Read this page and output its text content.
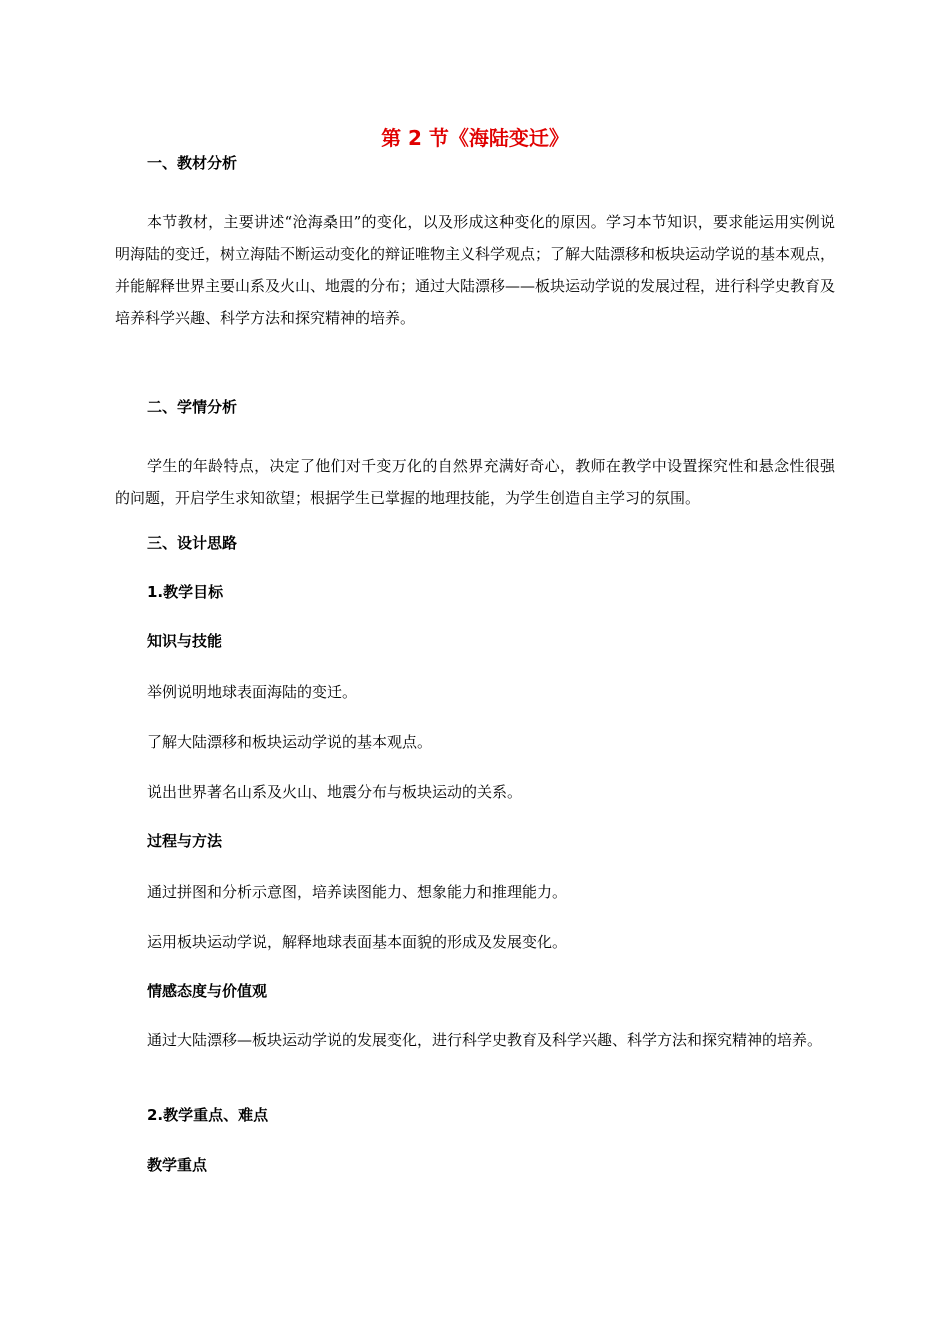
第 2 节《海陆变迁》
一、教材分析

本节教材，主要讲述“沧海桑田”的变化，以及形成这种变化的原因。学习本节知识，要求能运用实例说明海陆的变迁，树立海陆不断运动变化的辩证唯物主义科学观点；了解大陆漂移和板块运动学说的基本观点，并能解释世界主要山系及火山、地震的分布；通过大陆漂移——板块运动学说的发展过程，进行科学史教育及培养科学兴趣、科学方法和探究精神的培养。

二、学情分析

学生的年龄特点，决定了他们对千变万化的自然界充满好奇心，教师在教学中设置探究性和悬念性很强的问题，开启学生求知欲望；根据学生已掌握的地理技能，为学生创造自主学习的氛围。

三、设计思路
1.教学目标
知识与技能
举例说明地球表面海陆的变迁。
了解大陆漂移和板块运动学说的基本观点。
说出世界著名山系及火山、地震分布与板块运动的关系。
过程与方法
通过拼图和分析示意图，培养读图能力、想象能力和推理能力。
运用板块运动学说，解释地球表面基本面貌的形成及发展变化。
情感态度与价值观

通过大陆漂移—板块运动学说的发展变化，进行科学史教育及科学兴趣、科学方法和探究精神的培养。

2.教学重点、难点
教学重点
